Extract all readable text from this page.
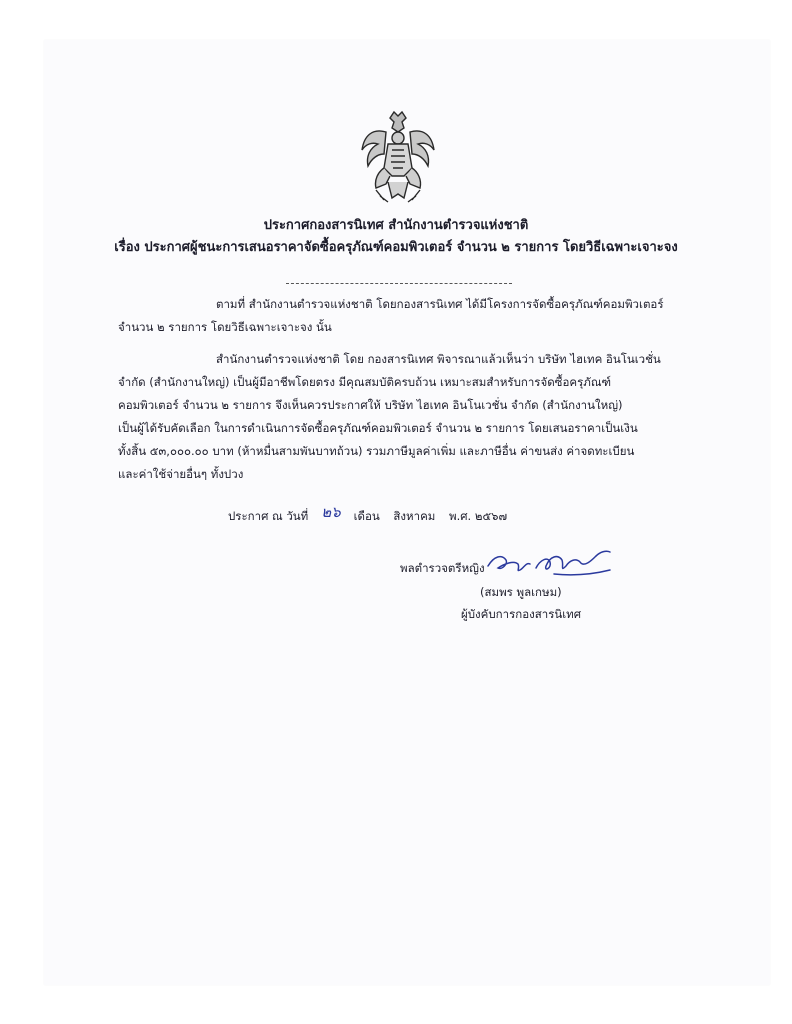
ประกาศกองสารนิเทศ สำนักงานตำรวจแห่งชาติ
เรื่อง ประกาศผู้ชนะการเสนอราคาจัดซื้อครุภัณฑ์คอมพิวเตอร์ จำนวน ๒ รายการ โดยวิธีเฉพาะเจาะจง
ตามที่ สำนักงานตำรวจแห่งชาติ โดยกองสารนิเทศ ได้มีโครงการจัดซื้อครุภัณฑ์คอมพิวเตอร์
จำนวน ๒ รายการ โดยวิธีเฉพาะเจาะจง นั้น
สำนักงานตำรวจแห่งชาติ โดย กองสารนิเทศ พิจารณาแล้วเห็นว่า บริษัท ไฮเทค อินโนเวชั่น
จำกัด (สำนักงานใหญ่) เป็นผู้มีอาชีพโดยตรง มีคุณสมบัติครบถ้วน เหมาะสมสำหรับการจัดซื้อครุภัณฑ์
คอมพิวเตอร์ จำนวน ๒ รายการ จึงเห็นควรประกาศให้ บริษัท ไฮเทค อินโนเวชั่น จำกัด (สำนักงานใหญ่)
เป็นผู้ได้รับคัดเลือก ในการดำเนินการจัดซื้อครุภัณฑ์คอมพิวเตอร์ จำนวน ๒ รายการ โดยเสนอราคาเป็นเงิน
ทั้งสิ้น ๕๓,๐๐๐.๐๐ บาท (ห้าหมื่นสามพันบาทถ้วน) รวมภาษีมูลค่าเพิ่ม และภาษีอื่น ค่าขนส่ง ค่าจดทะเบียน
และค่าใช้จ่ายอื่นๆ ทั้งปวง
ประกาศ ณ วันที่ ๒๖ เดือน สิงหาคม พ.ศ. ๒๕๖๗
พลตำรวจตรีหญิง
(สมพร พูลเกษม)
ผู้บังคับการกองสารนิเทศ
